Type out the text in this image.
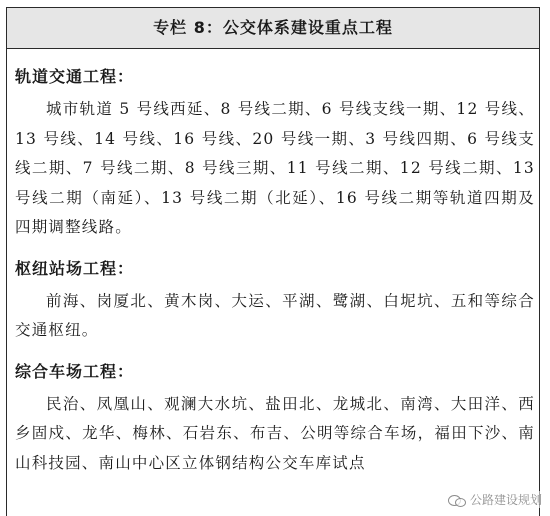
专栏 8：公交体系建设重点工程
轨道交通工程：

城市轨道 5 号线西延、8 号线二期、6 号线支线一期、12 号线、13 号线、14 号线、16 号线、20 号线一期、3 号线四期、6 号线支线二期、7 号线二期、8 号线三期、11 号线二期、12 号线二期、13 号线二期（南延）、13 号线二期（北延）、16 号线二期等轨道四期及四期调整线路。

枢纽站场工程：

前海、岗厦北、黄木岗、大运、平湖、鹭湖、白坭坑、五和等综合交通枢纽。

综合车场工程：

民治、凤凰山、观澜大水坑、盐田北、龙城北、南湾、大田洋、西乡固戍、龙华、梅林、石岩东、布吉、公明等综合车场，福田下沙、南山科技园、南山中心区立体钢结构公交车库试点

公路建设规划
